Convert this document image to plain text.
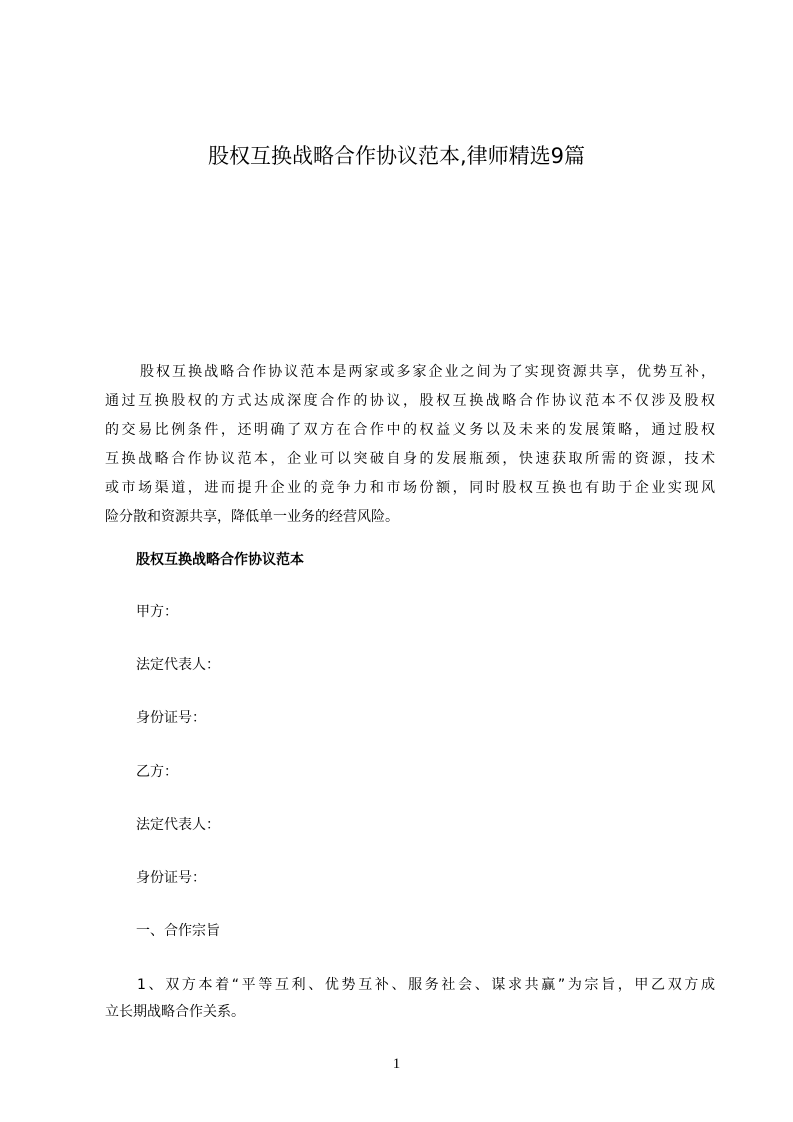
股权互换战略合作协议范本,律师精选9篇
股权互换战略合作协议范本是两家或多家企业之间为了实现资源共享，优势互补，
通过互换股权的方式达成深度合作的协议，股权互换战略合作协议范本不仅涉及股权
的交易比例条件，还明确了双方在合作中的权益义务以及未来的发展策略，通过股权
互换战略合作协议范本，企业可以突破自身的发展瓶颈，快速获取所需的资源，技术
或市场渠道，进而提升企业的竞争力和市场份额，同时股权互换也有助于企业实现风
险分散和资源共享，降低单一业务的经营风险。
股权互换战略合作协议范本
甲方：
法定代表人：
身份证号：
乙方：
法定代表人：
身份证号：
一、合作宗旨
1、双方本着“平等互利、优势互补、服务社会、谋求共赢”为宗旨，甲乙双方成
立长期战略合作关系。
1
